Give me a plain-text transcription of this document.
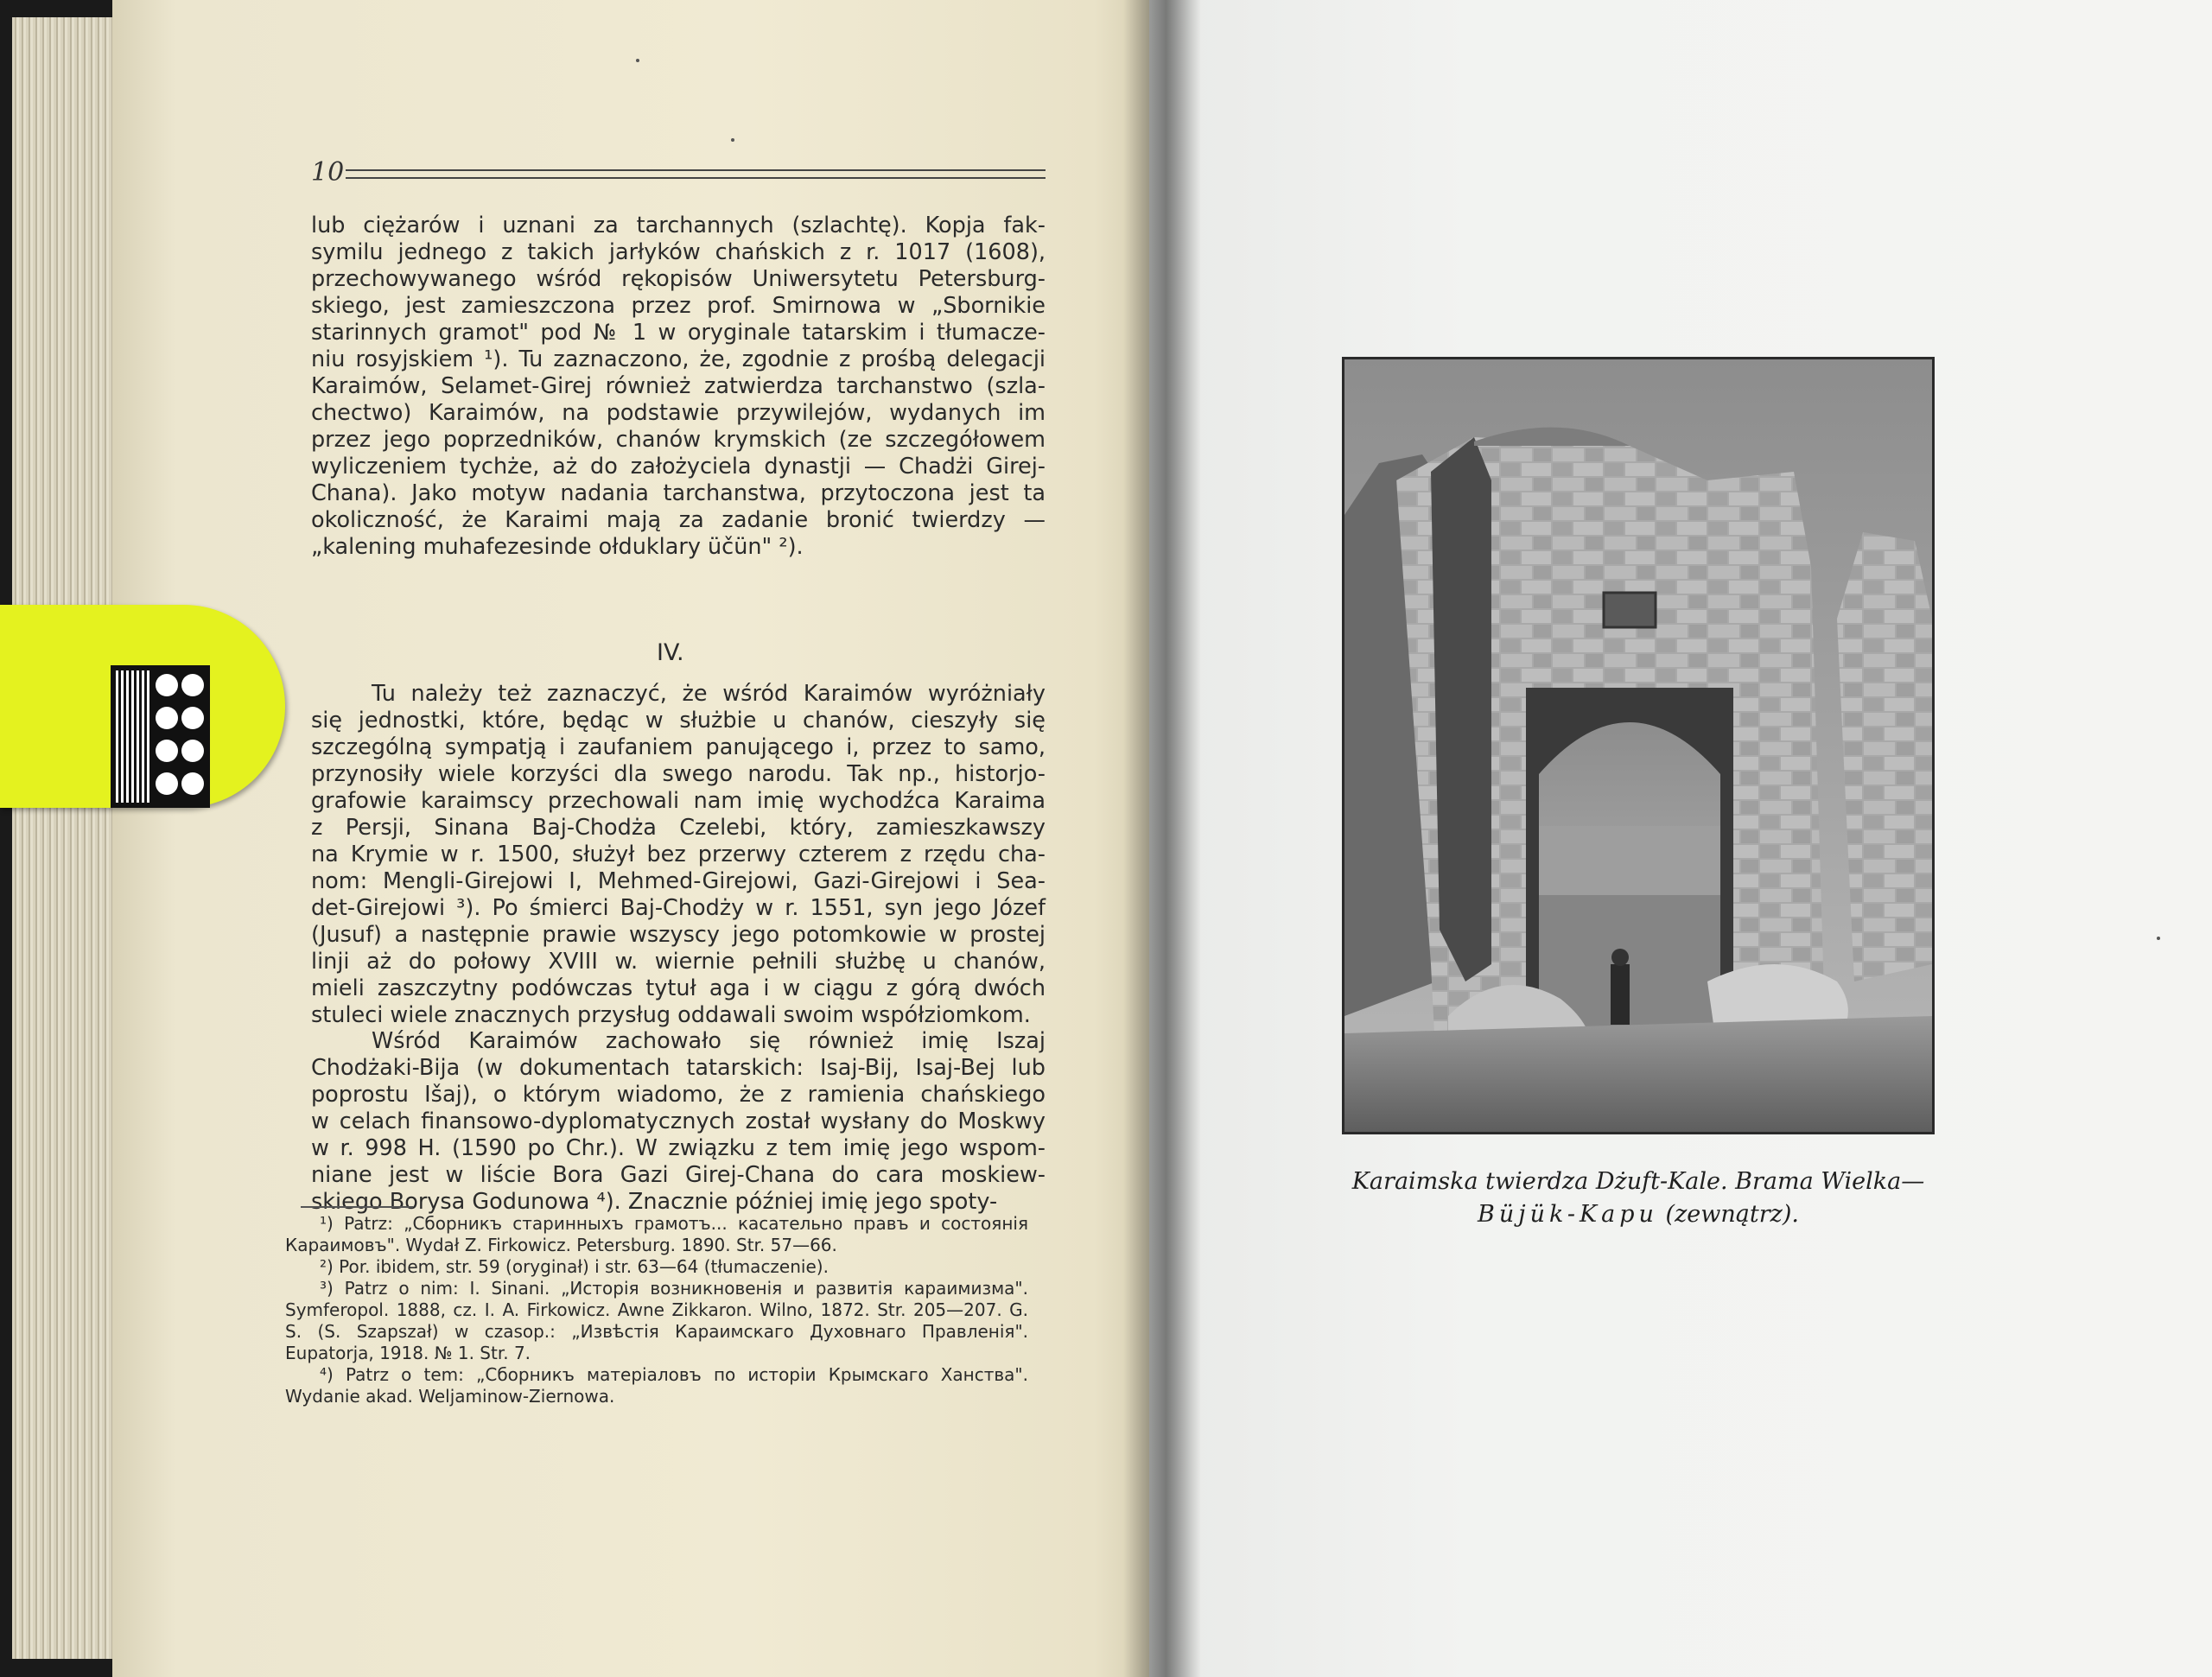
10

lub ciężarów i uznani za tarchannych (szlachtę). Kopja fak-

symilu jednego z takich jarłyków chańskich z r. 1017 (1608),

przechowywanego wśród rękopisów Uniwersytetu Petersburg-

skiego, jest zamieszczona przez prof. Smirnowa w „Sbornikie

starinnych gramot" pod № 1 w oryginale tatarskim i tłumacze-

niu rosyjskiem ¹). Tu zaznaczono, że, zgodnie z prośbą delegacji

Karaimów, Selamet-Girej również zatwierdza tarchanstwo (szla-

chectwo) Karaimów, na podstawie przywilejów, wydanych im

przez jego poprzedników, chanów krymskich (ze szczegółowem

wyliczeniem tychże, aż do założyciela dynastji — Chadżi Girej-

Chana). Jako motyw nadania tarchanstwa, przytoczona jest ta

okoliczność, że Karaimi mają za zadanie bronić twierdzy —

„kalening muhafezesinde ołduklary üčün" ²).

IV.

Tu należy też zaznaczyć, że wśród Karaimów wyróżniały

się jednostki, które, będąc w służbie u chanów, cieszyły się

szczególną sympatją i zaufaniem panującego i, przez to samo,

przynosiły wiele korzyści dla swego narodu. Tak np., historjo-

grafowie karaimscy przechowali nam imię wychodźca Karaima

z Persji, Sinana Baj-Chodża Czelebi, który, zamieszkawszy

na Krymie w r. 1500, służył bez przerwy czterem z rzędu cha-

nom: Mengli-Girejowi I, Mehmed-Girejowi, Gazi-Girejowi i Sea-

det-Girejowi ³). Po śmierci Baj-Chodży w r. 1551, syn jego Józef

(Jusuf) a następnie prawie wszyscy jego potomkowie w prostej

linji aż do połowy XVIII w. wiernie pełnili służbę u chanów,

mieli zaszczytny podówczas tytuł aga i w ciągu z górą dwóch

stuleci wiele znacznych przysług oddawali swoim współziomkom.

Wśród Karaimów zachowało się również imię Iszaj

Chodżaki-Bija (w dokumentach tatarskich: Isaj-Bij, Isaj-Bej lub

poprostu Išaj), o którym wiadomo, że z ramienia chańskiego

w celach finansowo-dyplomatycznych został wysłany do Moskwy

w r. 998 H. (1590 po Chr.). W związku z tem imię jego wspom-

niane jest w liście Bora Gazi Girej-Chana do cara moskiew-

skiego Borysa Godunowa ⁴). Znacznie później imię jego spoty-

¹) Patrz: „Сборникъ старинныхъ грамотъ... касательно правъ и состоянія Караимовъ". Wydał Z. Firkowicz. Petersburg. 1890. Str. 57—66.

²) Por. ibidem, str. 59 (oryginał) i str. 63—64 (tłumaczenie).

³) Patrz o nim: I. Sinani. „Исторія возникновенія и развитія караимизма". Symferopol. 1888, cz. I. A. Firkowicz. Awne Zikkaron. Wilno, 1872. Str. 205—207. G. S. (S. Szapszał) w czasop.: „Извѣстія Караимскаго Духовнаго Правленія". Eupatorja, 1918. № 1. Str. 7.

⁴) Patrz o tem: „Сборникъ матеріаловъ по исторіи Крымскаго Ханства". Wydanie akad. Weljaminow-Ziernowa.

Karaimska twierdza Dżuft-Kale. Brama Wielka—
Büjük-Kapu (zewnątrz).
